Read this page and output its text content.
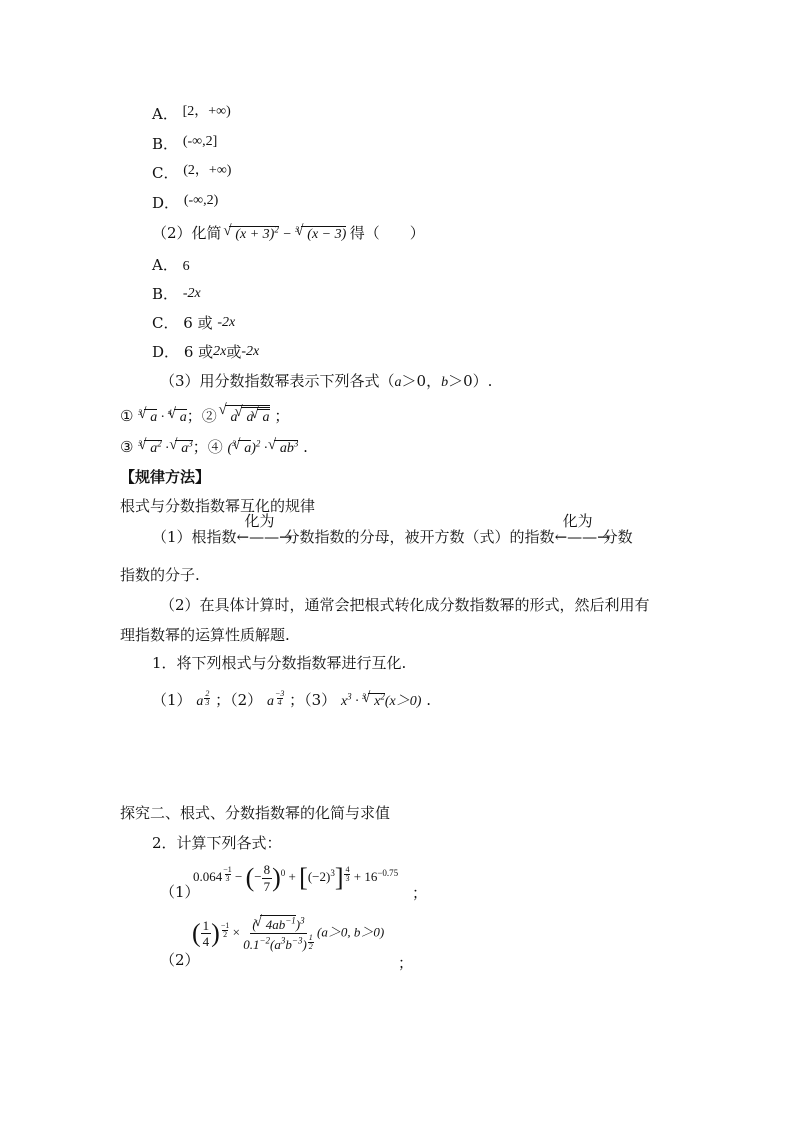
A． [2，+∞)
B． (-∞,2]
C． (2，+∞)
D． (-∞,2)
（2）化简 √ $(x + 3)^2 - ^3√$ (x − 3) 得（　　）
A． 6
B． -2x
C． 6 或 -2x
D． 6 或2x或-2x
（3）用分数指数幂表示下列各式（a＞0，b＞0）.
① $^3$√ a · $^4$√ a；② √ a√ a√ a ；
③ $^3$√ $a^2$ · √ $a^3$；④ ($^3$√ a)$^2$ · √ $ab^3$ .
【规律方法】
根式与分数指数幂互化的规律
（1）根指数
化为
←——→分数指数的分母，被开方数（式）的指数
化为
←——→分数
指数的分子.
（2）在具体计算时，通常会把根式转化成分数指数幂的形式，然后利用有
理指数幂的运算性质解题.
1．将下列根式与分数指数幂进行互化.
（1） a $\frac{2}{3}$ ；（2） a $\frac{-3}{4}$ ；（3） $x^3 \cdot ^3√$ $x^2(x>0)$ .
探究二、根式、分数指数幂的化简与求值
2．计算下列各式：
（1）
$0.064 \frac{-1}{3}$ − (− $\frac{8}{7} )^0 + [(-2)^3] \frac{4}{3} + 16^{-0.75}$
；
（2）
( $\frac{1}{4}$ ) $\frac{-1}{2} \times \frac{(√ 4ab^{-1})^3}{0.1^{-2}(a^3b^{-3}) \frac{1}{2}} (a>0$, b＞0)
；
